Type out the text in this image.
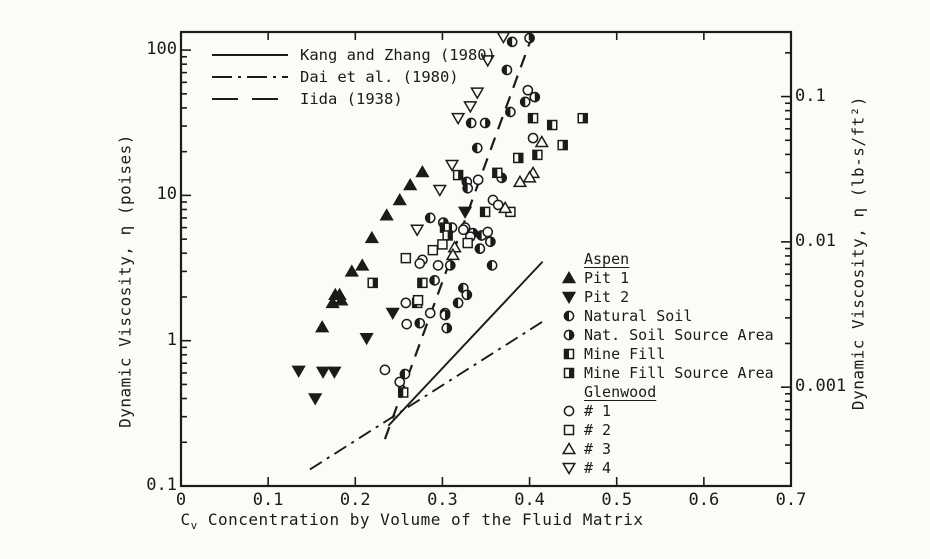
Dynamic Viscosity, η (poises)	Dynamic Viscosity, η (lb-s/ft²)
$C_v$ Concentration by Volume of the Fluid Matrix
100
10
1
0.1
0.1
0.01
0.001
0	0.1	0.2	0.3	0.4	0.5	0.6	0.7
Kang and Zhang (1980)
Dai et al. (1980)
Iida (1938)
Aspen
Pit 1
Pit 2
Natural Soil
Nat. Soil Source Area
Mine Fill
Mine Fill Source Area
Glenwood
# 1
# 2
# 3
# 4
